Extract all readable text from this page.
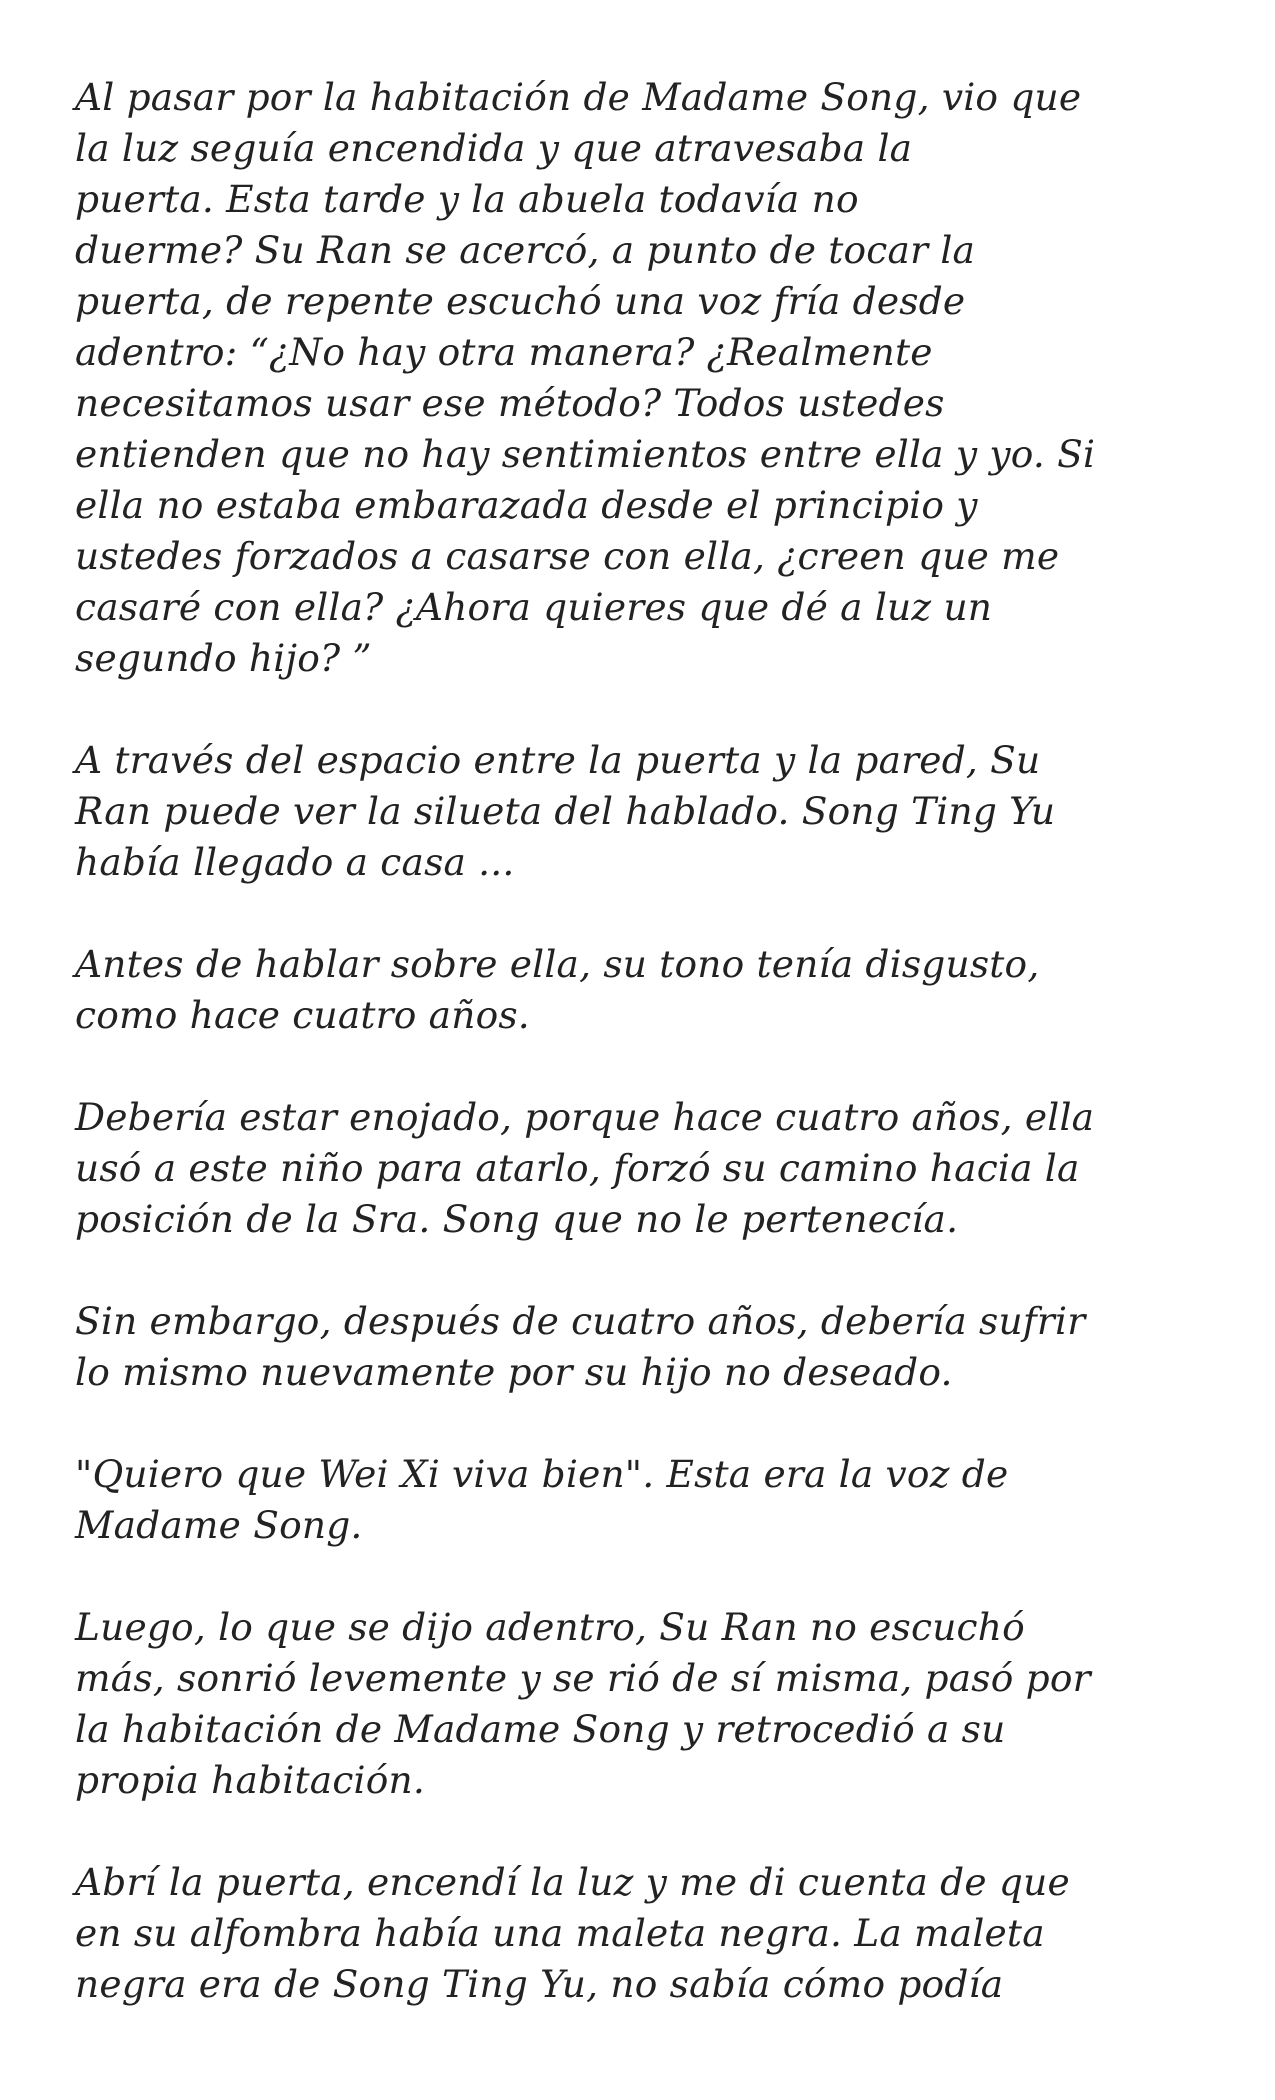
Al pasar por la habitación de Madame Song, vio que
la luz seguía encendida y que atravesaba la
puerta. Esta tarde y la abuela todavía no
duerme? Su Ran se acercó, a punto de tocar la
puerta, de repente escuchó una voz fría desde
adentro: “¿No hay otra manera? ¿Realmente
necesitamos usar ese método? Todos ustedes
entienden que no hay sentimientos entre ella y yo. Si
ella no estaba embarazada desde el principio y
ustedes forzados a casarse con ella, ¿creen que me
casaré con ella? ¿Ahora quieres que dé a luz un
segundo hijo? ”

A través del espacio entre la puerta y la pared, Su
Ran puede ver la silueta del hablado. Song Ting Yu
había llegado a casa ...

Antes de hablar sobre ella, su tono tenía disgusto,
como hace cuatro años.

Debería estar enojado, porque hace cuatro años, ella
usó a este niño para atarlo, forzó su camino hacia la
posición de la Sra. Song que no le pertenecía.

Sin embargo, después de cuatro años, debería sufrir
lo mismo nuevamente por su hijo no deseado.

"Quiero que Wei Xi viva bien". Esta era la voz de
Madame Song.

Luego, lo que se dijo adentro, Su Ran no escuchó
más, sonrió levemente y se rió de sí misma, pasó por
la habitación de Madame Song y retrocedió a su
propia habitación.

Abrí la puerta, encendí la luz y me di cuenta de que
en su alfombra había una maleta negra. La maleta
negra era de Song Ting Yu, no sabía cómo podía
